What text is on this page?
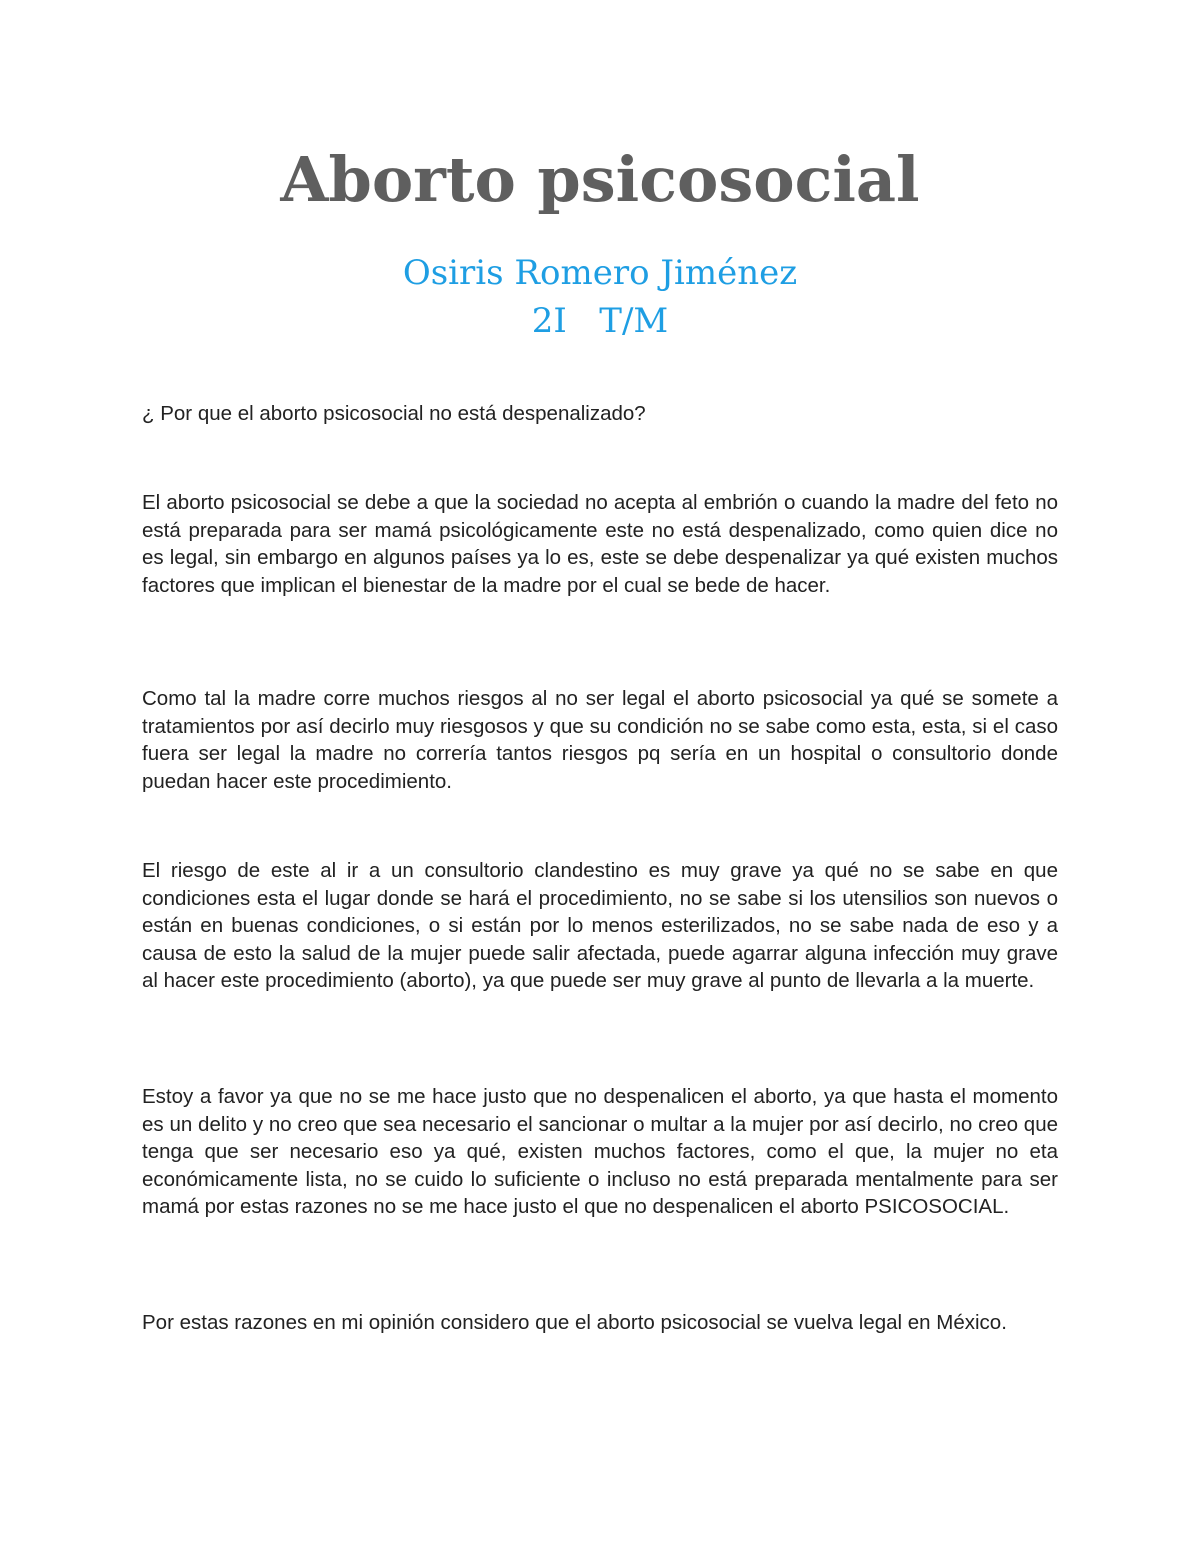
Aborto psicosocial
Osiris Romero Jiménez
2I   T/M

¿ Por que el aborto psicosocial no está despenalizado?

El aborto psicosocial se debe a que la sociedad no acepta al embrión o cuando la madre del feto no está preparada para ser mamá psicológicamente este no está despenalizado, como quien dice no es legal, sin embargo en algunos países ya lo es, este se debe despenalizar ya qué existen muchos factores que implican el bienestar de la madre por el cual se bede de hacer.

Como tal la madre corre muchos riesgos al no ser legal el aborto psicosocial ya qué se somete a tratamientos por así decirlo muy riesgosos y que su condición no se sabe como esta, esta, si el caso fuera ser legal la madre no correría tantos riesgos pq sería en un hospital o consultorio donde puedan hacer este procedimiento.

El riesgo de este al ir a un consultorio clandestino es muy grave ya qué no se sabe en que condiciones esta el lugar donde se hará el procedimiento, no se sabe si los utensilios son nuevos o están en buenas condiciones, o si están por lo menos esterilizados, no se sabe nada de eso y a causa de esto la salud de la mujer puede salir afectada, puede agarrar alguna infección muy grave al hacer este procedimiento (aborto), ya que puede ser muy grave al punto de llevarla a la muerte.

Estoy a favor ya que no se me hace justo que no despenalicen el aborto, ya que hasta el momento es un delito y no creo que sea necesario el sancionar o multar a la mujer por así decirlo, no creo que tenga que ser necesario eso ya qué, existen muchos factores, como el que, la mujer no eta económicamente lista, no se cuido lo suficiente o incluso no está preparada mentalmente para ser mamá por estas razones no se me hace justo el que no despenalicen el aborto PSICOSOCIAL.

Por estas razones en mi opinión considero que el aborto psicosocial se vuelva legal en México.
